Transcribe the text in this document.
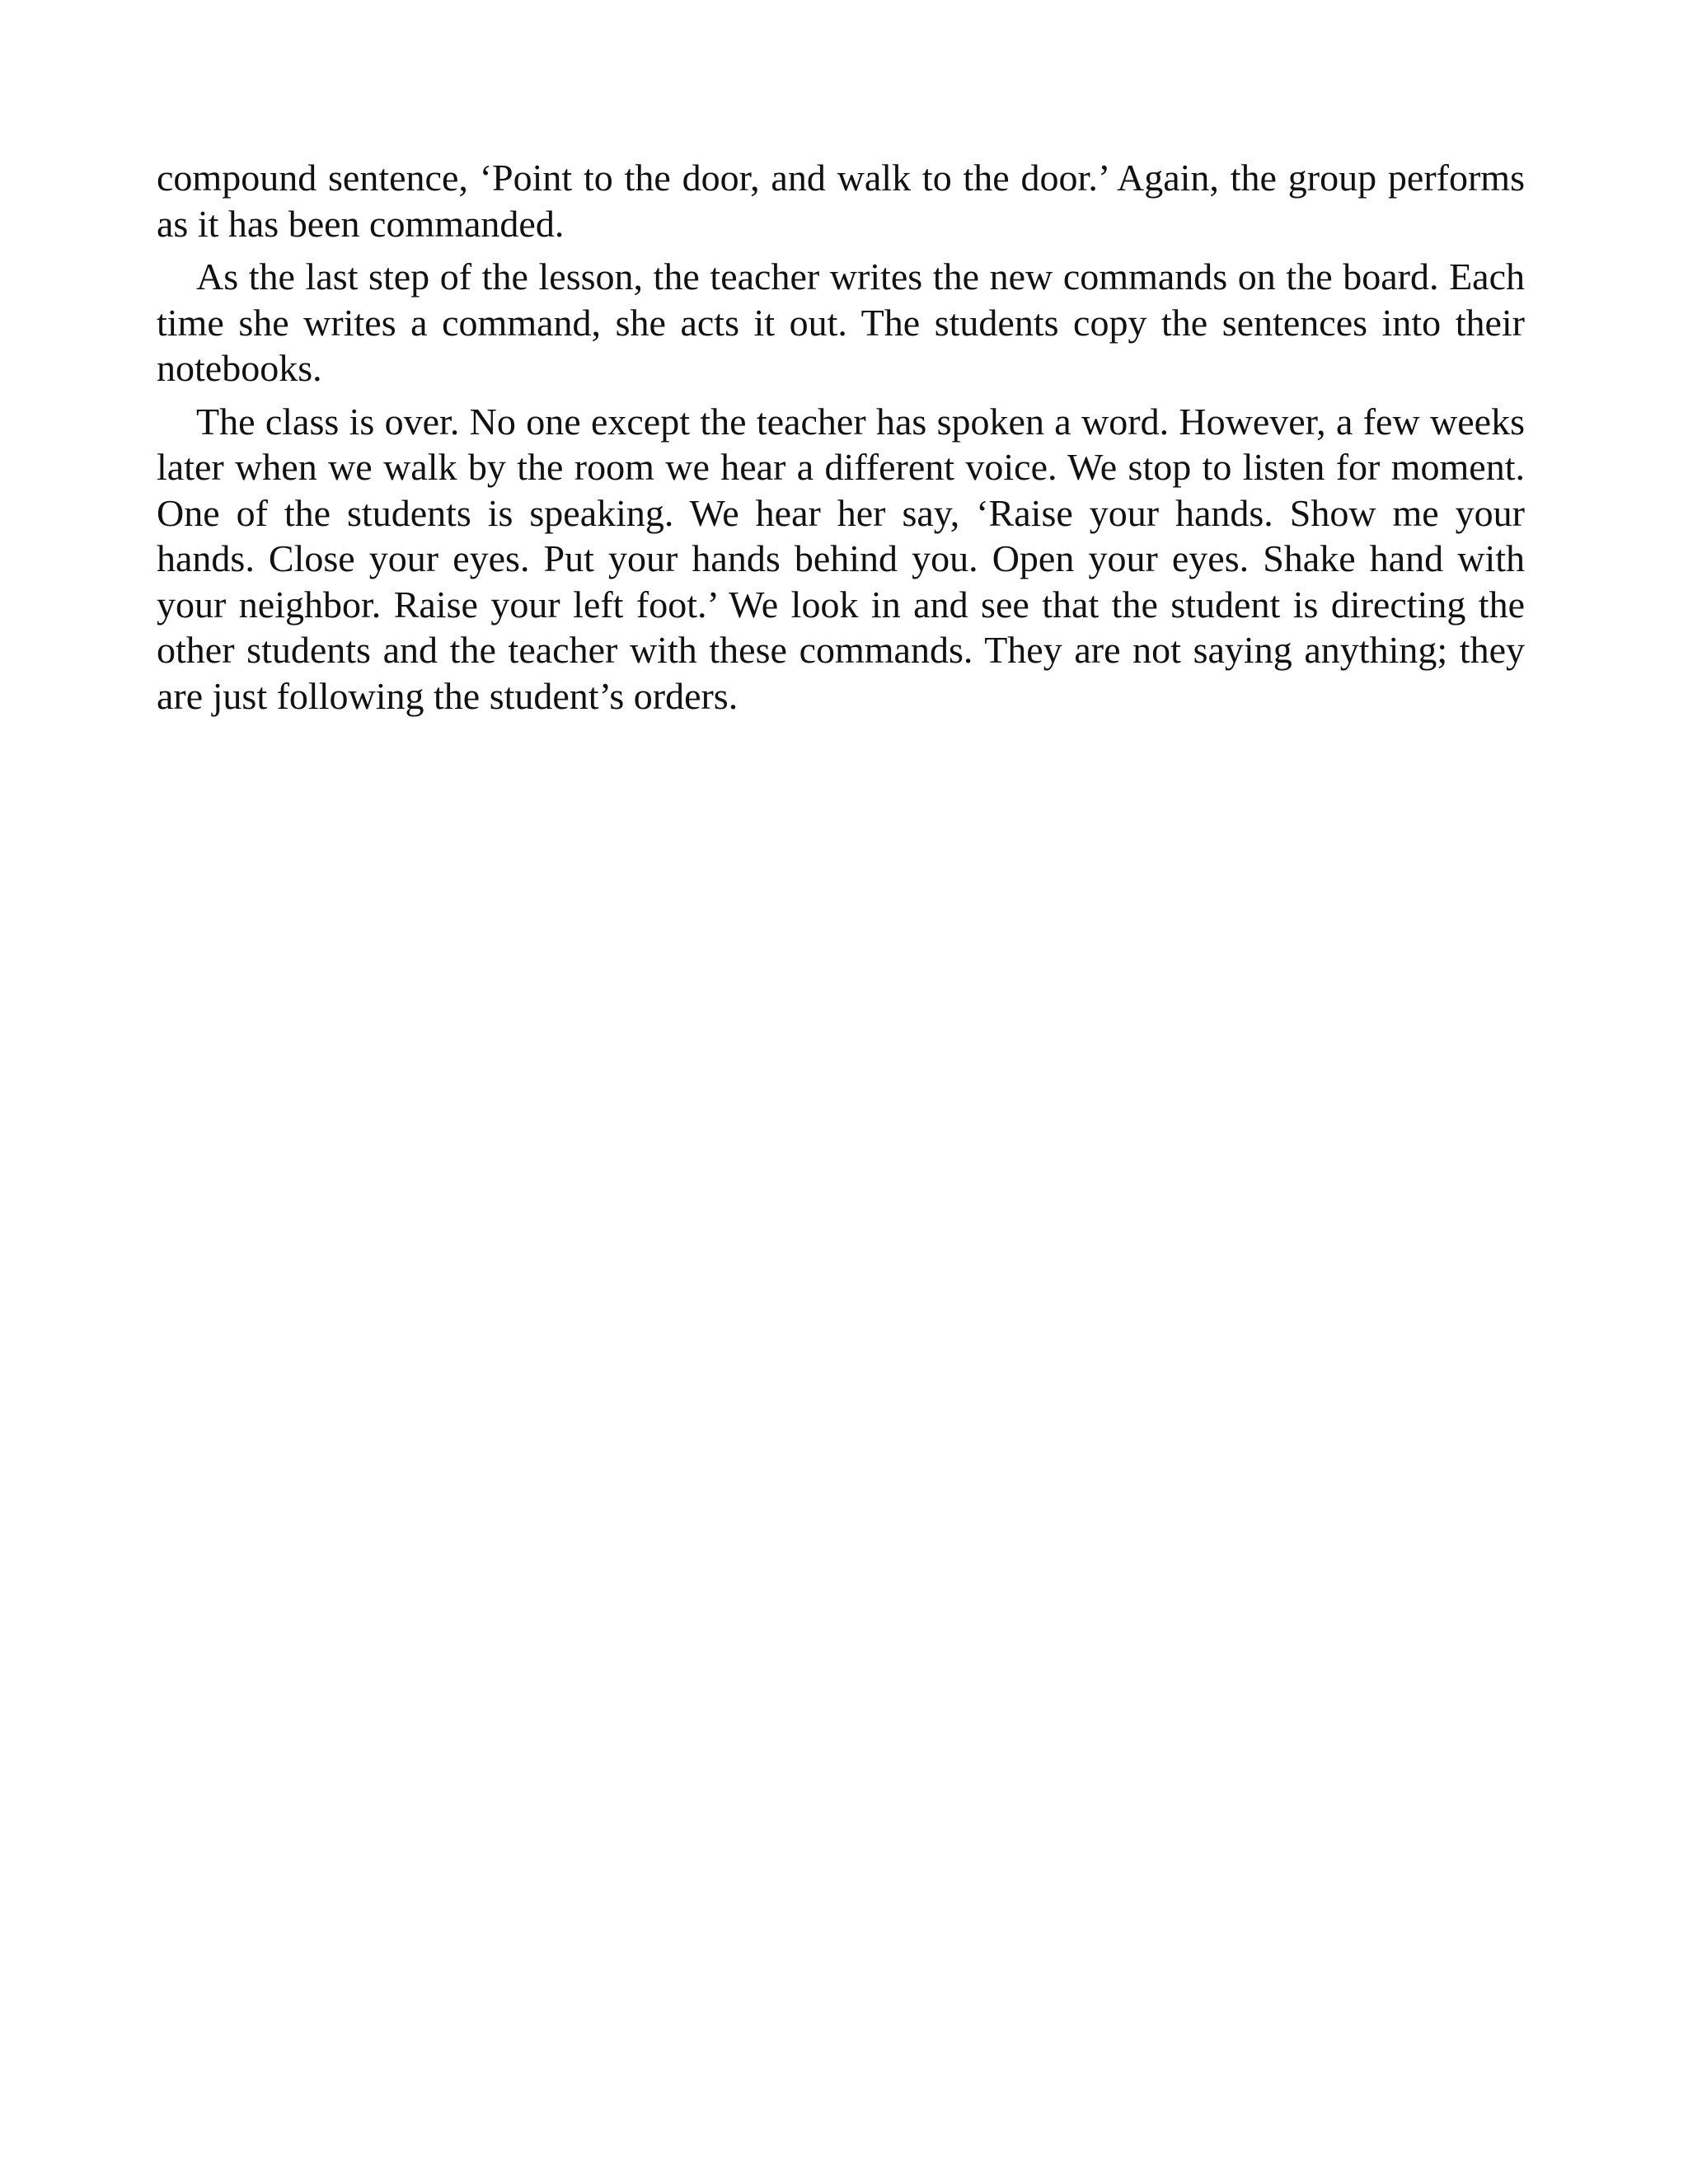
compound sentence, ‘Point to the door, and walk to the door.’ Again, the group performs as it has been commanded.

As the last step of the lesson, the teacher writes the new commands on the board. Each time she writes a command, she acts it out. The students copy the sentences into their notebooks.

The class is over. No one except the teacher has spoken a word. However, a few weeks later when we walk by the room we hear a different voice. We stop to listen for moment. One of the students is speaking. We hear her say, ‘Raise your hands. Show me your hands. Close your eyes. Put your hands behind you. Open your eyes. Shake hand with your neighbor. Raise your left foot.’ We look in and see that the student is directing the other students and the teacher with these commands. They are not saying anything; they are just following the student’s orders.
